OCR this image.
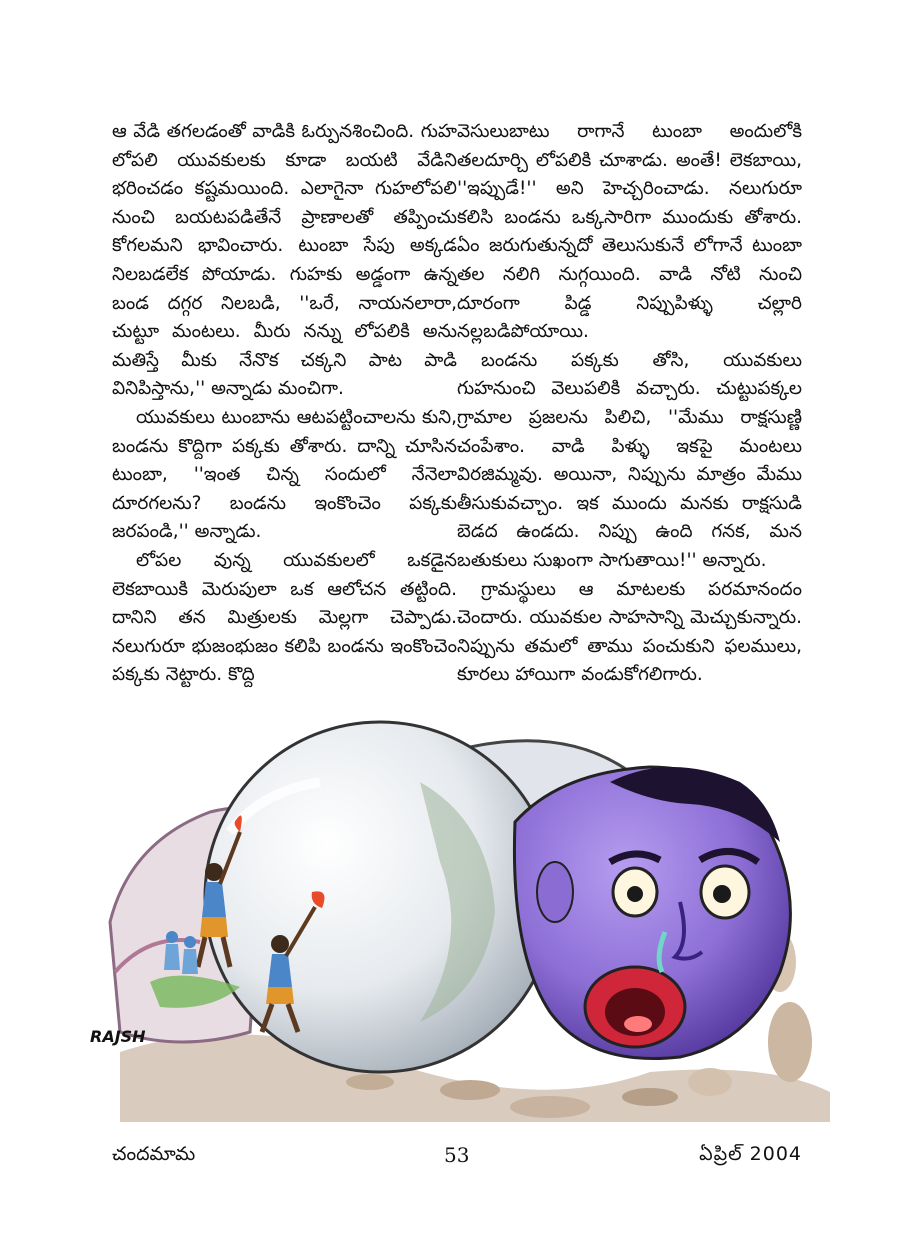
ఆ వేడి తగలడంతో వాడికి ఓర్పునశించింది. గుహ లోపలి యువకులకు కూడా బయటి వేడిని భరించడం కష్టమయింది. ఎలాగైనా గుహలోపలి నుంచి బయటపడితేనే ప్రాణాలతో తప్పించు కోగలమని భావించారు. టుంబా సేపు అక్కడ నిలబడలేక పోయాడు. గుహకు అడ్డంగా ఉన్న బండ దగ్గర నిలబడి, ''ఒరే, నాయనలారా, చుట్టూ మంటలు. మీరు నన్ను లోపలికి అను మతిస్తే మీకు నేనొక చక్కని పాట పాడి వినిపిస్తాను,'' అన్నాడు మంచిగా.

యువకులు టుంబాను ఆటపట్టించాలను కుని, బండను కొద్దిగా పక్కకు తోశారు. దాన్ని చూసిన టుంబా, ''ఇంత చిన్న సందులో నేనెలా దూరగలను? బండను ఇంకొంచెం పక్కకు జరపండి,'' అన్నాడు.

లోపల వున్న యువకులలో ఒకడైన లెకబాయికి మెరుపులా ఒక ఆలోచన తట్టింది. దానిని తన మిత్రులకు మెల్లగా చెప్పాడు. నలుగురూ భుజంభుజం కలిపి బండను ఇంకొంచెం పక్కకు నెట్టారు. కొద్ది

వెసులుబాటు రాగానే టుంబా అందులోకి తలదూర్చి లోపలికి చూశాడు. అంతే! లెకబాయి, ''ఇప్పుడే!'' అని హెచ్చరించాడు. నలుగురూ కలిసి బండను ఒక్కసారిగా ముందుకు తోశారు. ఏం జరుగుతున్నదో తెలుసుకునే లోగానే టుంబా తల నలిగి నుగ్గయింది. వాడి నోటి నుంచి దూరంగా పిడ్డ నిప్పుపిళ్ళు చల్లారి నల్లబడిపోయాయి.

బండను పక్కకు తోసి, యువకులు గుహనుంచి వెలుపలికి వచ్చారు. చుట్టుపక్కల గ్రామాల ప్రజలను పిలిచి, ''మేము రాక్షసుణ్ణి చంపేశాం. వాడి పిళ్ళు ఇకపై మంటలు విరజిమ్మవు. అయినా, నిప్పును మాత్రం మేము తీసుకువచ్చాం. ఇక ముందు మనకు రాక్షసుడి బెడద ఉండదు. నిప్పు ఉంది గనక, మన బతుకులు సుఖంగా సాగుతాయి!'' అన్నారు.

గ్రామస్థులు ఆ మాటలకు పరమానందం చెందారు. యువకుల సాహసాన్ని మెచ్చుకున్నారు. నిప్పును తమలో తాము పంచుకుని ఫలములు, కూరలు హాయిగా వండుకోగలిగారు.

RAJSH
చందమామ	53	ఏప్రిల్ 2004
